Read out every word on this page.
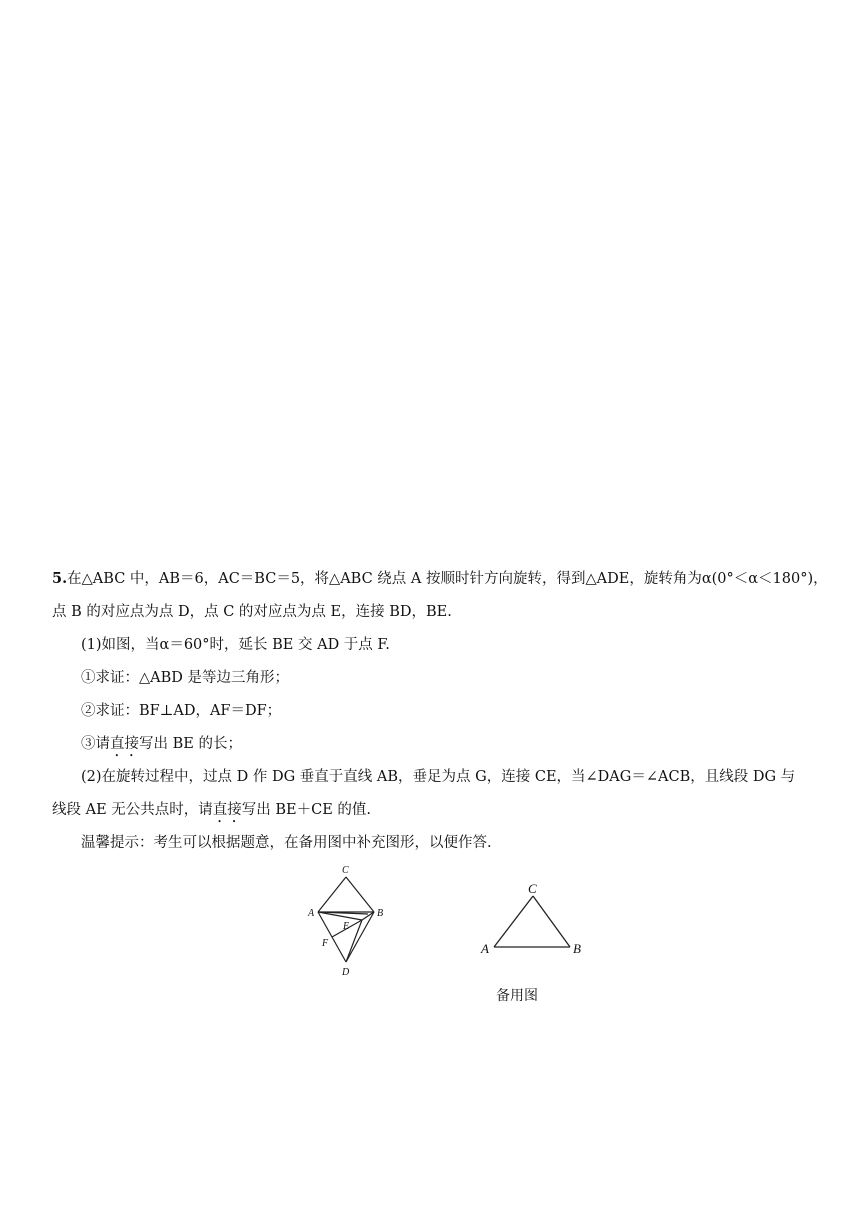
5.在△ABC 中，AB＝6，AC＝BC＝5，将△ABC 绕点 A 按顺时针方向旋转，得到△ADE，旋转角为α(0°＜α＜180°)，
点 B 的对应点为点 D，点 C 的对应点为点 E，连接 BD，BE.
(1)如图，当α＝60°时，延长 BE 交 AD 于点 F.
①求证：△ABD 是等边三角形；
②求证：BF⊥AD，AF＝DF；
③请直接写出 BE 的长；
(2)在旋转过程中，过点 D 作 DG 垂直于直线 AB，垂足为点 G，连接 CE，当∠DAG＝∠ACB，且线段 DG 与
线段 AE 无公共点时，请直接写出 BE＋CE 的值.
温馨提示：考生可以根据题意，在备用图中补充图形，以便作答.
C
A	B
E
F
D
C
A	B
备用图
